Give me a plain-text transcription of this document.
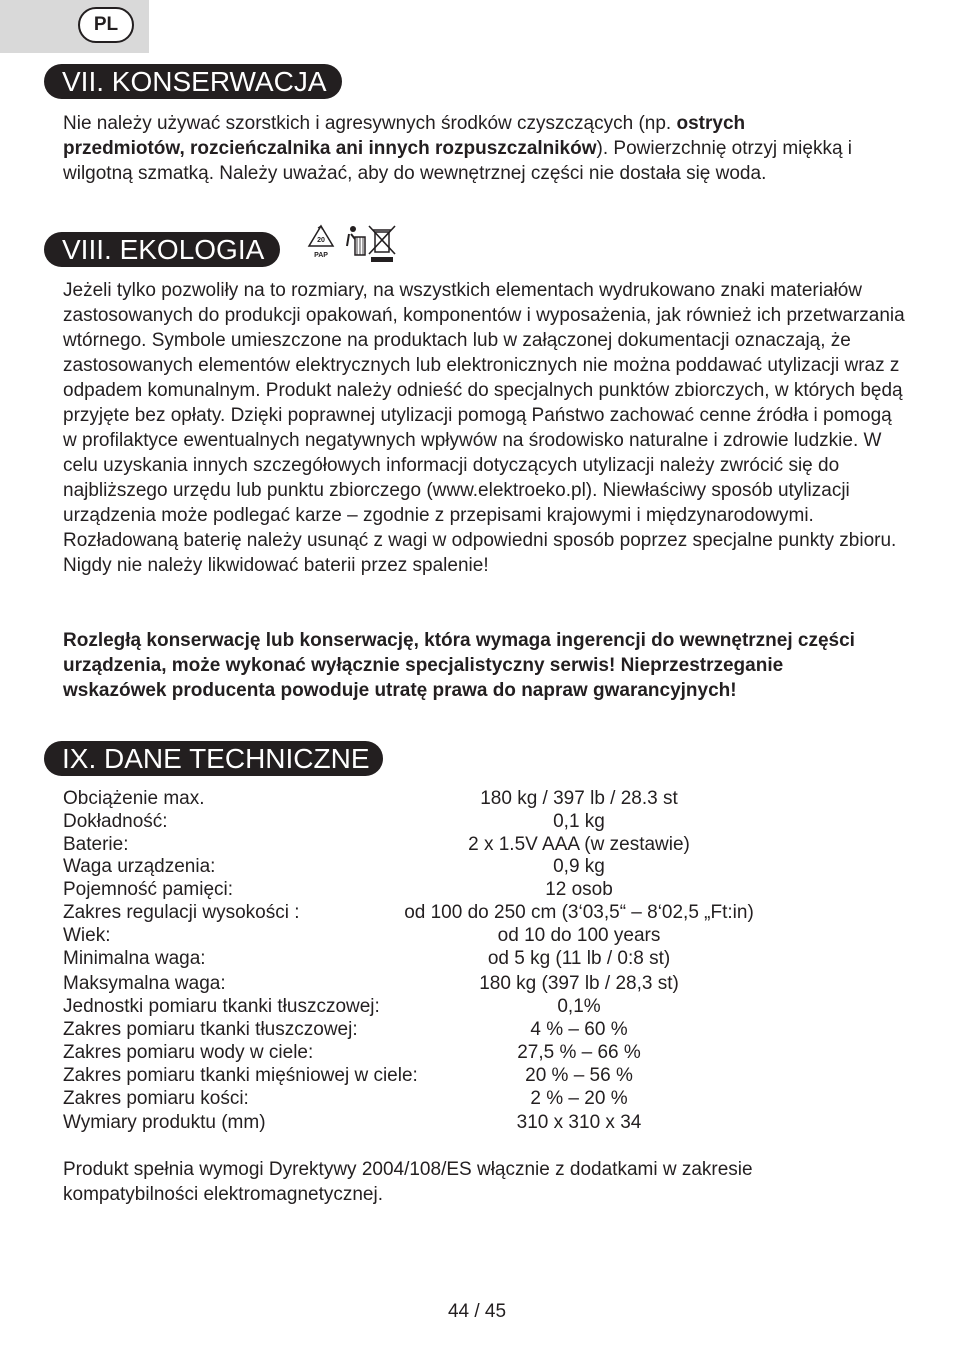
PL
VII. KONSERWACJA

Nie należy używać szorstkich i agresywnych środków czyszczących (np. ostrych przedmiotów, rozcieńczalnika ani innych rozpuszczalników). Powierzchnię otrzyj miękką i wilgotną szmatką. Należy uważać, aby do wewnętrznej części nie dostała się woda.

VIII. EKOLOGIA	20
PAP

Jeżeli tylko pozwoliły na to rozmiary, na wszystkich elementach wydrukowano znaki materiałów zastosowanych do produkcji opakowań, komponentów i wyposażenia, jak również ich przetwarzania wtórnego. Symbole umieszczone na produktach lub w załączonej dokumentacji oznaczają, że zastosowanych elementów elektrycznych lub elektronicznych nie można poddawać utylizacji wraz z odpadem komunalnym. Produkt należy odnieść do specjalnych punktów zbiorczych, w których będą przyjęte bez opłaty. Dzięki poprawnej utylizacji pomogą Państwo zachować cenne źródła i pomogą w profilaktyce ewentualnych negatywnych wpływów na środowisko naturalne i zdrowie ludzkie. W celu uzyskania innych szczegółowych informacji dotyczących utylizacji należy zwrócić się do najbliższego urzędu lub punktu zbiorczego (www.elektroeko.pl). Niewłaściwy sposób utylizacji urządzenia może podlegać karze – zgodnie z przepisami krajowymi i międzynarodowymi. Rozładowaną baterię należy usunąć z wagi w odpowiedni sposób poprzez specjalne punkty zbioru. Nigdy nie należy likwidować baterii przez spalenie!

Rozległą konserwację lub konserwację, która wymaga ingerencji do wewnętrznej części urządzenia, może wykonać wyłącznie specjalistyczny serwis! Nieprzestrzeganie wskazówek producenta powoduje utratę prawa do napraw gwarancyjnych!

IX. DANE TECHNICZNE
Obciążenie max.	180 kg / 397 lb / 28.3 st
Dokładność:	0,1 kg
Baterie:	2 x 1.5V AAA (w zestawie)
Waga urządzenia:	0,9 kg
Pojemność pamięci:	12 osob
Zakres regulacji wysokości :	od 100 do 250 cm (3‘03,5“ – 8‘02,5 „Ft:in)
Wiek:	od 10 do 100 years
Minimalna waga:	od 5 kg (11 lb / 0:8 st)
Maksymalna waga:	180 kg (397 lb / 28,3 st)
Jednostki pomiaru tkanki tłuszczowej:	0,1%
Zakres pomiaru tkanki tłuszczowej:	4 % – 60 %
Zakres pomiaru wody w ciele:	27,5 % – 66 %
Zakres pomiaru tkanki mięśniowej w ciele:	20 % – 56 %
Zakres pomiaru kości:	2 % – 20 %
Wymiary produktu (mm)	310 x 310 x 34

Produkt spełnia wymogi Dyrektywy 2004/108/ES włącznie z dodatkami w zakresie kompatybilności elektromagnetycznej.

44 / 45
